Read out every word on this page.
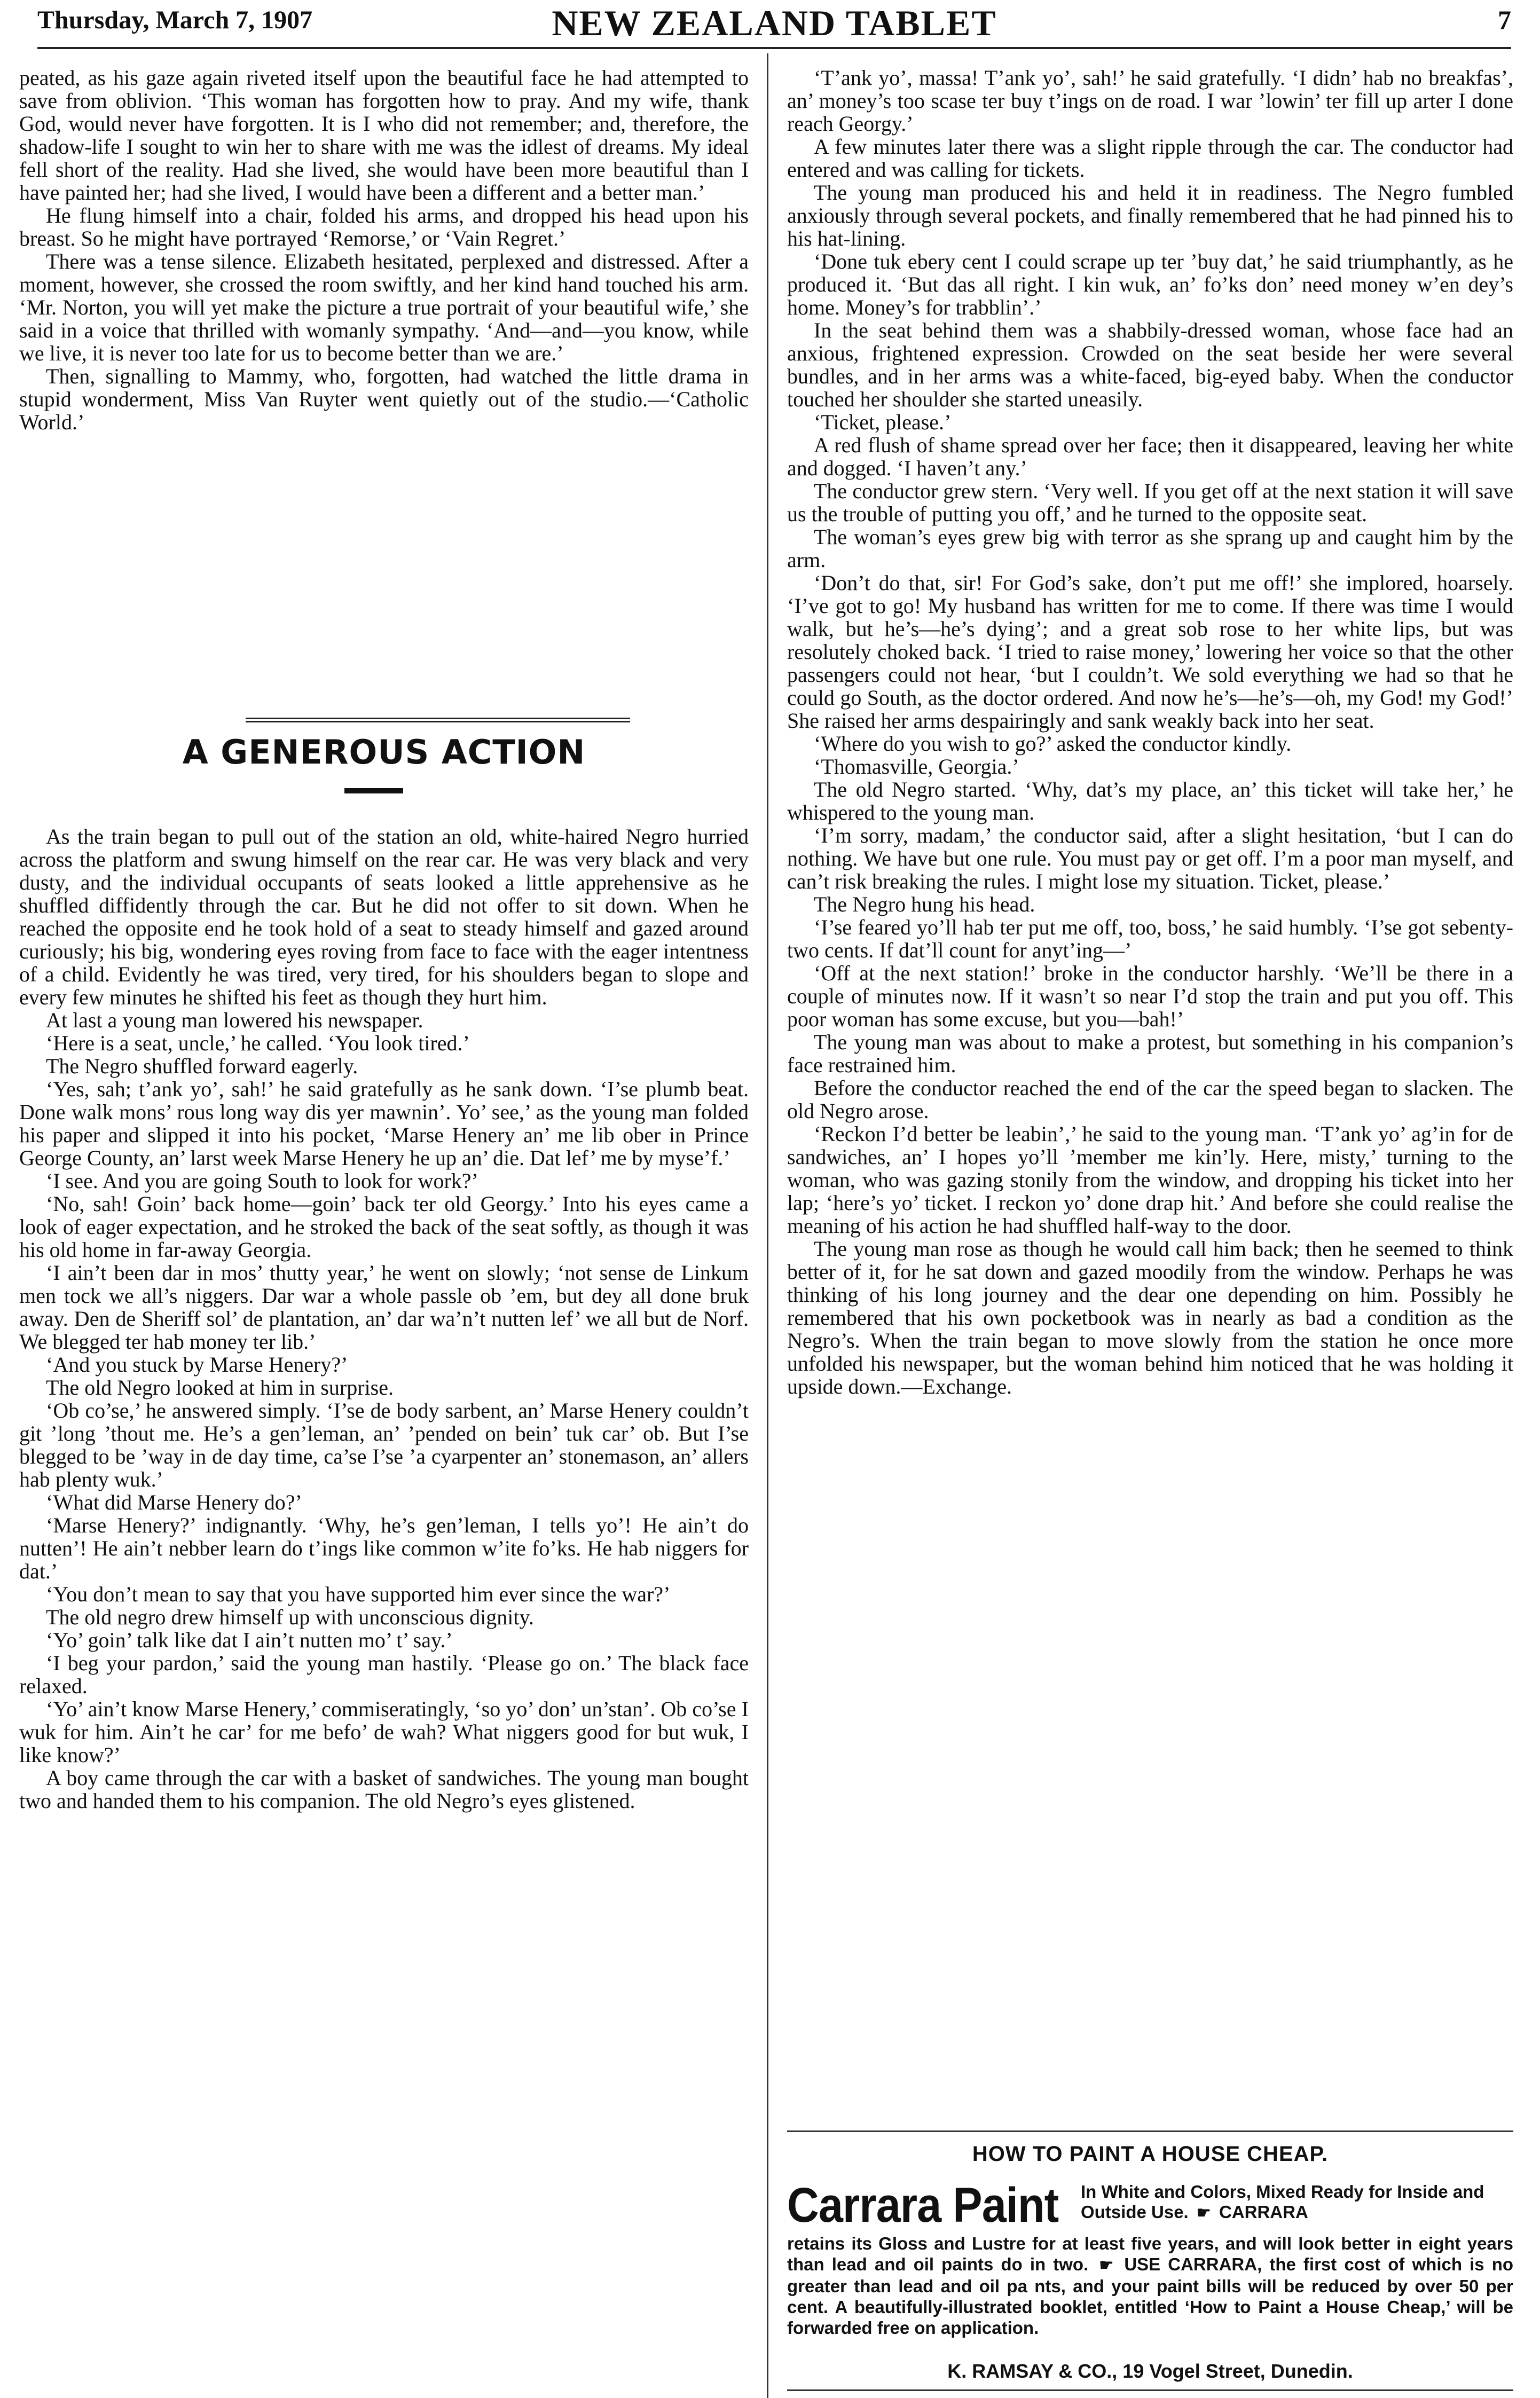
Thursday, March 7, 1907	NEW ZEALAND TABLET	7

peated, as his gaze again riveted itself upon the beautiful face he had attempted to save from oblivion. ‘This woman has forgotten how to pray. And my wife, thank God, would never have forgotten. It is I who did not remember; and, therefore, the shadow-life I sought to win her to share with me was the idlest of dreams. My ideal fell short of the reality. Had she lived, she would have been more beautiful than I have painted her; had she lived, I would have been a different and a better man.’

He flung himself into a chair, folded his arms, and dropped his head upon his breast. So he might have portrayed ‘Remorse,’ or ‘Vain Regret.’

There was a tense silence. Elizabeth hesitated, perplexed and distressed. After a moment, however, she crossed the room swiftly, and her kind hand touched his arm. ‘Mr. Norton, you will yet make the picture a true portrait of your beautiful wife,’ she said in a voice that thrilled with womanly sympathy. ‘And—and—you know, while we live, it is never too late for us to become better than we are.’

Then, signalling to Mammy, who, forgotten, had watched the little drama in stupid wonderment, Miss Van Ruyter went quietly out of the studio.—‘Catholic World.’

A GENEROUS ACTION

As the train began to pull out of the station an old, white-haired Negro hurried across the platform and swung himself on the rear car. He was very black and very dusty, and the individual occupants of seats looked a little apprehensive as he shuffled diffidently through the car. But he did not offer to sit down. When he reached the opposite end he took hold of a seat to steady himself and gazed around curiously; his big, wondering eyes roving from face to face with the eager intentness of a child. Evidently he was tired, very tired, for his shoulders began to slope and every few minutes he shifted his feet as though they hurt him.

At last a young man lowered his newspaper.

‘Here is a seat, uncle,’ he called. ‘You look tired.’

The Negro shuffled forward eagerly.

‘Yes, sah; t’ank yo’, sah!’ he said gratefully as he sank down. ‘I’se plumb beat. Done walk mons’ rous long way dis yer mawnin’. Yo’ see,’ as the young man folded his paper and slipped it into his pocket, ‘Marse Henery an’ me lib ober in Prince George County, an’ larst week Marse Henery he up an’ die. Dat lef’ me by myse’f.’

‘I see. And you are going South to look for work?’

‘No, sah! Goin’ back home—goin’ back ter old Georgy.’ Into his eyes came a look of eager expectation, and he stroked the back of the seat softly, as though it was his old home in far-away Georgia.

‘I ain’t been dar in mos’ thutty year,’ he went on slowly; ‘not sense de Linkum men tock we all’s niggers. Dar war a whole passle ob ’em, but dey all done bruk away. Den de Sheriff sol’ de plantation, an’ dar wa’n’t nutten lef’ we all but de Norf. We blegged ter hab money ter lib.’

‘And you stuck by Marse Henery?’

The old Negro looked at him in surprise.

‘Ob co’se,’ he answered simply. ‘I’se de body sarbent, an’ Marse Henery couldn’t git ’long ’thout me. He’s a gen’leman, an’ ’pended on bein’ tuk car’ ob. But I’se blegged to be ’way in de day time, ca’se I’se ’a cyarpenter an’ stonemason, an’ allers hab plenty wuk.’

‘What did Marse Henery do?’

‘Marse Henery?’ indignantly. ‘Why, he’s gen’leman, I tells yo’! He ain’t do nutten’! He ain’t nebber learn do t’ings like common w’ite fo’ks. He hab niggers for dat.’

‘You don’t mean to say that you have supported him ever since the war?’

The old negro drew himself up with unconscious dignity.

‘Yo’ goin’ talk like dat I ain’t nutten mo’ t’ say.’

‘I beg your pardon,’ said the young man hastily. ‘Please go on.’ The black face relaxed.

‘Yo’ ain’t know Marse Henery,’ commiseratingly, ‘so yo’ don’ un’stan’. Ob co’se I wuk for him. Ain’t he car’ for me befo’ de wah? What niggers good for but wuk, I like know?’

A boy came through the car with a basket of sandwiches. The young man bought two and handed them to his companion. The old Negro’s eyes glistened.

‘T’ank yo’, massa! T’ank yo’, sah!’ he said gratefully. ‘I didn’ hab no breakfas’, an’ money’s too scase ter buy t’ings on de road. I war ’lowin’ ter fill up arter I done reach Georgy.’

A few minutes later there was a slight ripple through the car. The conductor had entered and was calling for tickets.

The young man produced his and held it in readiness. The Negro fumbled anxiously through several pockets, and finally remembered that he had pinned his to his hat-lining.

‘Done tuk ebery cent I could scrape up ter ’buy dat,’ he said triumphantly, as he produced it. ‘But das all right. I kin wuk, an’ fo’ks don’ need money w’en dey’s home. Money’s for trabblin’.’

In the seat behind them was a shabbily-dressed woman, whose face had an anxious, frightened expression. Crowded on the seat beside her were several bundles, and in her arms was a white-faced, big-eyed baby. When the conductor touched her shoulder she started uneasily.

‘Ticket, please.’

A red flush of shame spread over her face; then it disappeared, leaving her white and dogged. ‘I haven’t any.’

The conductor grew stern. ‘Very well. If you get off at the next station it will save us the trouble of putting you off,’ and he turned to the opposite seat.

The woman’s eyes grew big with terror as she sprang up and caught him by the arm.

‘Don’t do that, sir! For God’s sake, don’t put me off!’ she implored, hoarsely. ‘I’ve got to go! My husband has written for me to come. If there was time I would walk, but he’s—he’s dying’; and a great sob rose to her white lips, but was resolutely choked back. ‘I tried to raise money,’ lowering her voice so that the other passengers could not hear, ‘but I couldn’t. We sold everything we had so that he could go South, as the doctor ordered. And now he’s—he’s—oh, my God! my God!’ She raised her arms despairingly and sank weakly back into her seat.

‘Where do you wish to go?’ asked the conductor kindly.

‘Thomasville, Georgia.’

The old Negro started. ‘Why, dat’s my place, an’ this ticket will take her,’ he whispered to the young man.

‘I’m sorry, madam,’ the conductor said, after a slight hesitation, ‘but I can do nothing. We have but one rule. You must pay or get off. I’m a poor man myself, and can’t risk breaking the rules. I might lose my situation. Ticket, please.’

The Negro hung his head.

‘I’se feared yo’ll hab ter put me off, too, boss,’ he said humbly. ‘I’se got sebenty-two cents. If dat’ll count for anyt’ing—’

‘Off at the next station!’ broke in the conductor harshly. ‘We’ll be there in a couple of minutes now. If it wasn’t so near I’d stop the train and put you off. This poor woman has some excuse, but you—bah!’

The young man was about to make a protest, but something in his companion’s face restrained him.

Before the conductor reached the end of the car the speed began to slacken. The old Negro arose.

‘Reckon I’d better be leabin’,’ he said to the young man. ‘T’ank yo’ ag’in for de sandwiches, an’ I hopes yo’ll ’member me kin’ly. Here, misty,’ turning to the woman, who was gazing stonily from the window, and dropping his ticket into her lap; ‘here’s yo’ ticket. I reckon yo’ done drap hit.’ And before she could realise the meaning of his action he had shuffled half-way to the door.

The young man rose as though he would call him back; then he seemed to think better of it, for he sat down and gazed moodily from the window. Perhaps he was thinking of his long journey and the dear one depending on him. Possibly he remembered that his own pocketbook was in nearly as bad a condition as the Negro’s. When the train began to move slowly from the station he once more unfolded his newspaper, but the woman behind him noticed that he was holding it upside down.—Exchange.

HOW TO PAINT A HOUSE CHEAP.
Carrara Paint In White and Colors, Mixed Ready for Inside and Outside Use. ☛ CARRARA
retains its Gloss and Lustre for at least five years, and will look better in eight years than lead and oil paints do in two. ☛ USE CARRARA, the first cost of which is no greater than lead and oil pa nts, and your paint bills will be reduced by over 50 per cent. A beautifully-illustrated booklet, entitled ‘How to Paint a House Cheap,’ will be forwarded free on application.
K. RAMSAY & CO., 19 Vogel Street, Dunedin.
